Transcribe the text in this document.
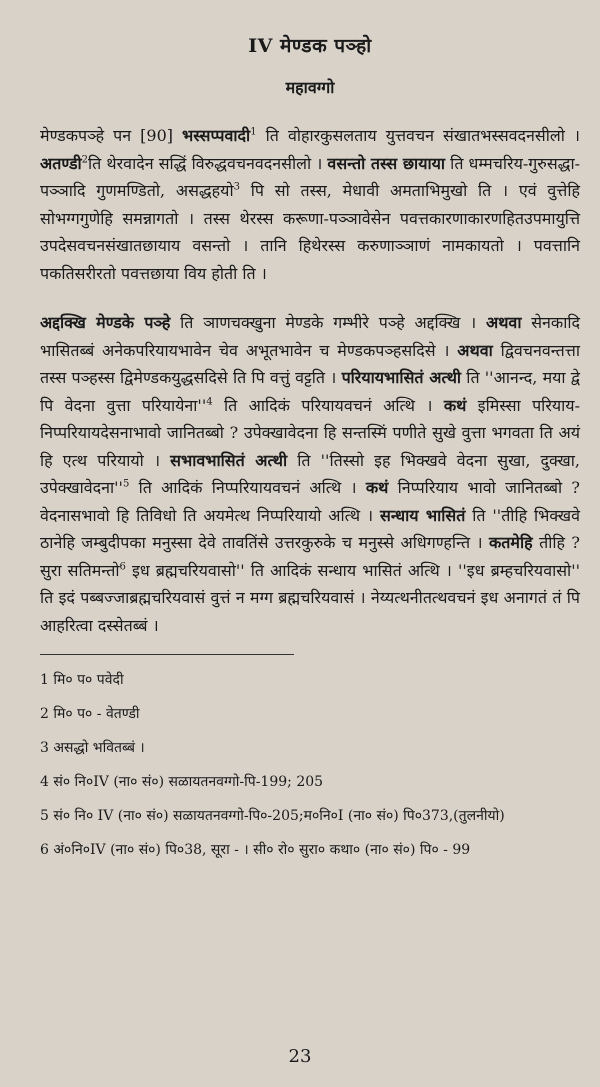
IV मेण्डक पञ्हो
महावग्गो

मेण्डकपञ्हे पन [90] भस्सप्पवादी$^1$ ति वोहारकुसलताय युत्तवचन संखातभस्सवदनसीलो । अतण्डी$^2$ति थेरवादेन सद्धिं विरुद्धवचनवदनसीलो । वसन्तो तस्स छायाया ति धम्मचरिय-गुरुसद्धा-पञ्ञादि गुणमण्डितो, असद्धहयो$^3$ पि सो तस्स, मेधावी अमताभिमुखो ति । एवं वुत्तेहि सोभग्गगुणेहि समन्नागतो । तस्स थेरस्स करूणा-पञ्ञावेसेन पवत्तकारणाकारणहितउपमायुत्ति उपदेसवचनसंखातछायाय वसन्तो । तानि हिथेरस्स करुणाञ्ञाणं नामकायतो । पवत्तानि पकतिसरीरतो पवत्तछाया विय होती ति ।

अद्दक्खि मेण्डके पञ्हे ति ञाणचक्खुना मेण्डके गम्भीरे पञ्हे अद्दक्खि । अथवा सेनकादि भासितब्बं अनेकपरियायभावेन चेव अभूतभावेन च मेण्डकपञ्हसदिसे । अथवा द्विवचनवन्तत्ता तस्स पञ्हस्स द्विमेण्डकयुद्धसदिसे ति पि वत्तुं वट्टति । परियायभासितं अत्थी ति ''आनन्द, मया द्वे पि वेदना वुत्ता $परियायेना''^4$ ति आदिकं परियायवचनं अत्थि । कथं इमिस्सा परियाय-निप्परियायदेसनाभावो जानितब्बो ? उपेक्खावेदना हि सन्तस्मिं पणीते सुखे वुत्ता भगवता ति अयं हि एत्थ परियायो । सभावभासितं अत्थी ति ''तिस्सो इह भिक्खवे वेदना सुखा, दुक्खा, $उपेक्खावेदना''^5$ ति आदिकं निप्परियायवचनं अत्थि । कथं निप्परियाय भावो जानितब्बो ? वेदनासभावो हि तिविधो ति अयमेत्थ निप्परियायो अत्थि । सन्धाय भासितं ति ''तीहि भिक्खवे ठानेहि जम्बुदीपका मनुस्सा देवे तावतिंसे उत्तरकुरुके च मनुस्से अधिगण्हन्ति । कतमेहि तीहि ? सुरा सतिमन्तो$^6$ इध ब्रह्मचरियवासो'' ति आदिकं सन्धाय भासितं अत्थि । ''इध ब्रम्हचरियवासो'' ति इदं पब्बज्जाब्रह्मचरियवासं वुत्तं न मग्ग ब्रह्मचरियवासं । नेय्यत्थनीतत्थवचनं इध अनागतं तं पि आहरित्वा दस्सेतब्बं ।

1 मि० प० पवेदी
2 मि० प० - वेतण्डी
3 असद्धो भवितब्बं ।
4 सं० नि०IV (ना० सं०) सळायतनवग्गो-पि-199; 205
5 सं० नि० IV (ना० सं०) सळायतनवग्गो-पि०-205;म०नि०I (ना० सं०) पि०373,(तुलनीयो)
6 अं०नि०IV (ना० सं०) पि०38, सूरा - । सी० रो० सुरा० कथा० (ना० सं०) पि० - 99
23
